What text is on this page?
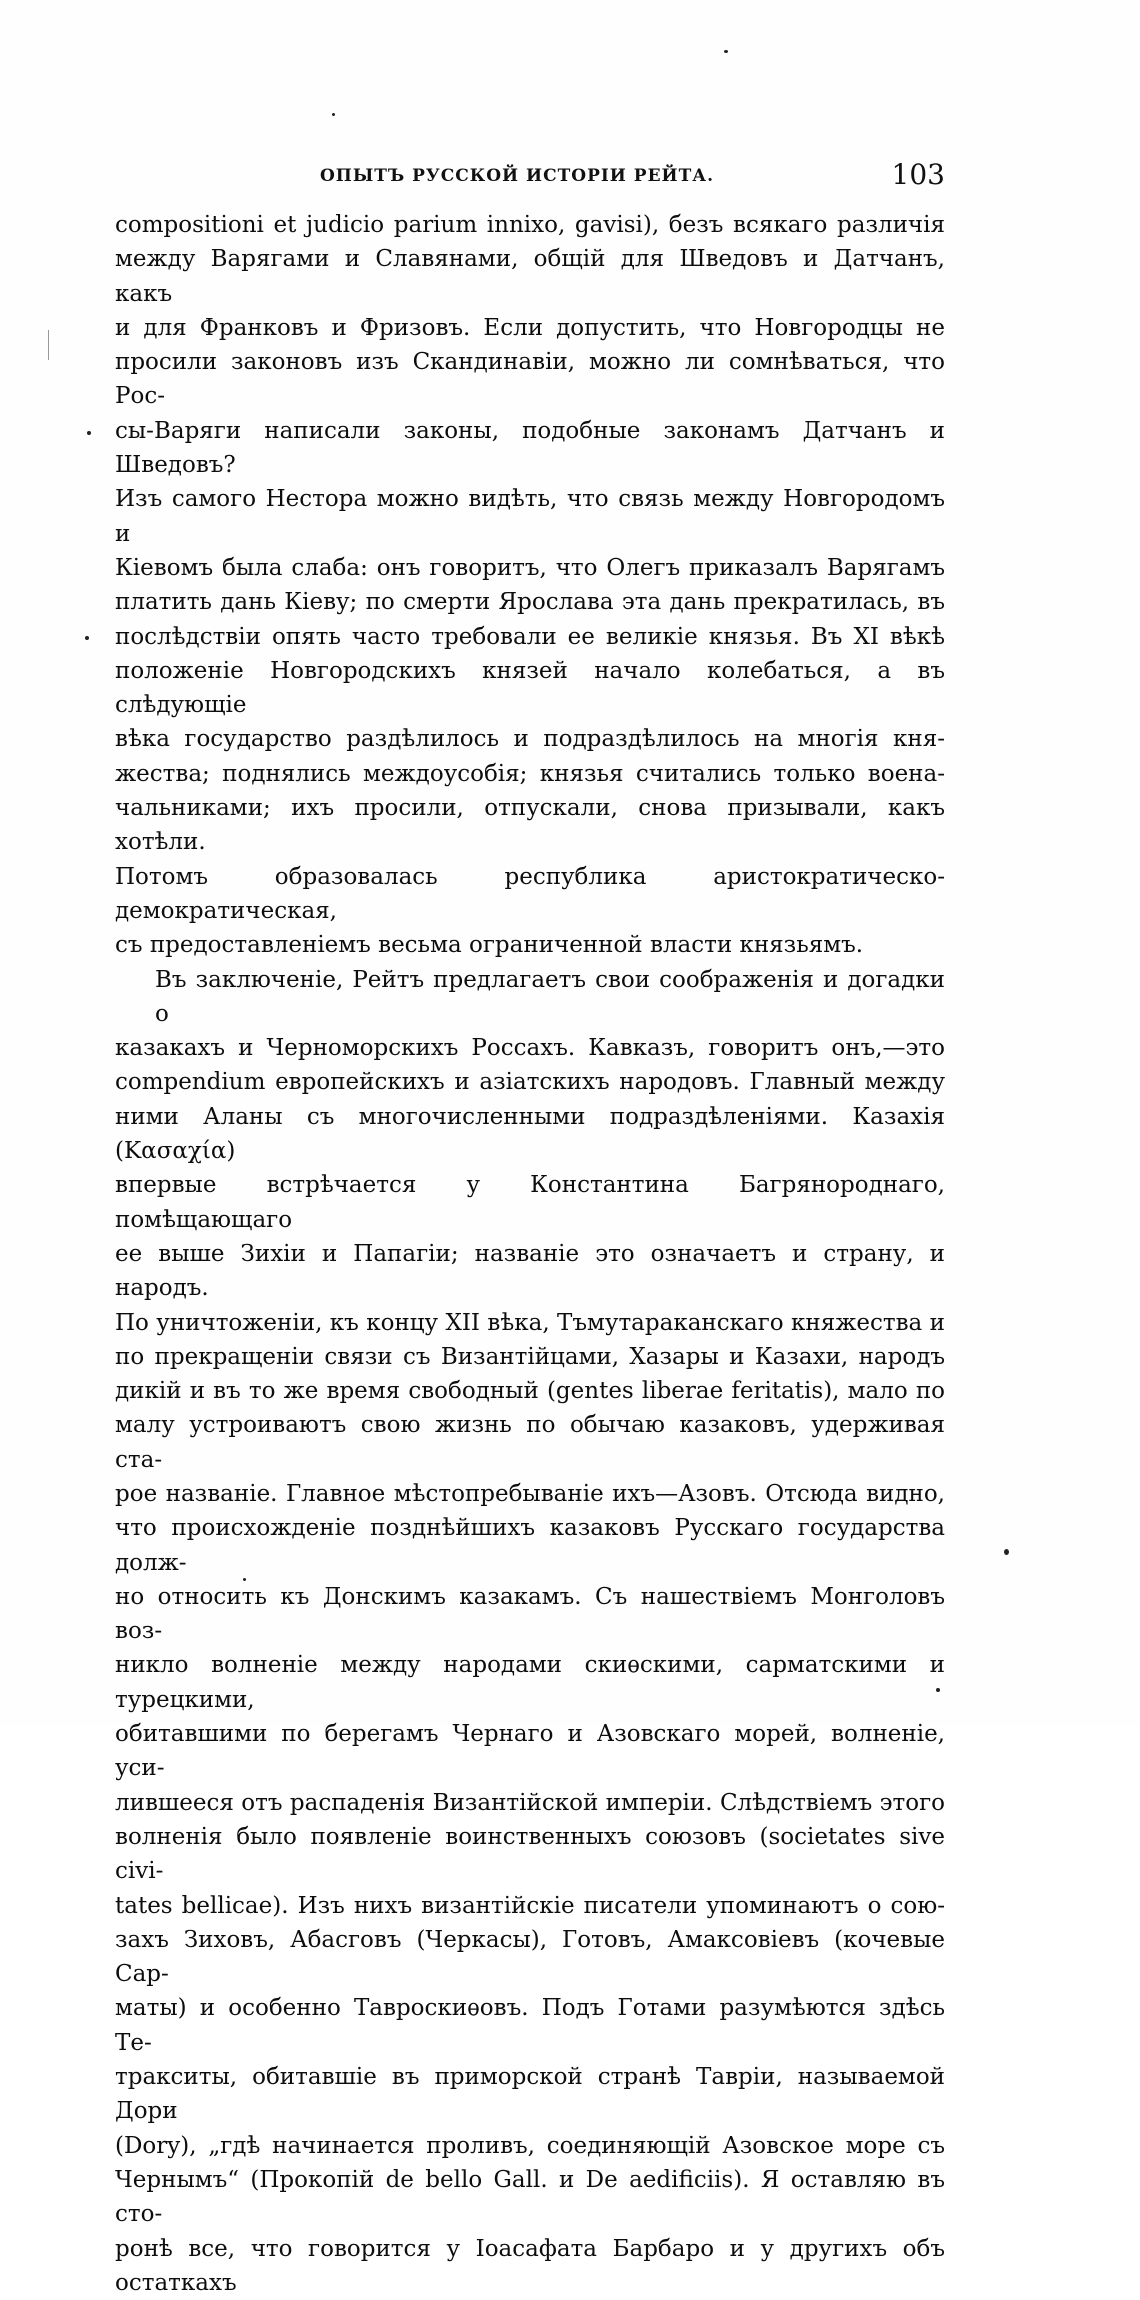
ОПЫТЪ РУССКОЙ ИСТОРІИ РЕЙТА.	103

compositioni et judicio parium innixo, gavisi), безъ всякаго различія

между Варягами и Славянами, общій для Шведовъ и Датчанъ, какъ

и для Франковъ и Фризовъ. Если допустить, что Новгородцы не

просили законовъ изъ Скандинавіи, можно ли сомнѣваться, что Рос-

сы-Варяги написали законы, подобные законамъ Датчанъ и Шведовъ?

Изъ самого Нестора можно видѣть, что связь между Новгородомъ и

Кіевомъ была слаба: онъ говоритъ, что Олегъ приказалъ Варягамъ

платить дань Кіеву; по смерти Ярослава эта дань прекратилась, въ

послѣдствіи опять часто требовали ее великіе князья. Въ XI вѣкѣ

положеніе Новгородскихъ князей начало колебаться, а въ слѣдующіе

вѣка государство раздѣлилось и подраздѣлилось на многія кня-

жества; поднялись междоусобія; князья считались только воена-

чальниками; ихъ просили, отпускали, снова призывали, какъ хотѣли.

Потомъ образовалась республика аристократическо-демократическая,

съ предоставленіемъ весьма ограниченной власти князьямъ.

Въ заключеніе, Рейтъ предлагаетъ свои соображенія и догадки о

казакахъ и Черноморскихъ Россахъ. Кавказъ, говоритъ онъ,—это

compendium европейскихъ и азіатскихъ народовъ. Главный между

ними Аланы съ многочисленными подраздѣленіями. Казахія (Κασαχία)

впервые встрѣчается у Константина Багрянороднаго, помѣщающаго

ее выше Зихіи и Папагіи; названіе это означаетъ и страну, и народъ.

По уничтоженіи, къ концу XII вѣка, Тъмутараканскаго княжества и

по прекращеніи связи съ Византійцами, Хазары и Казахи, народъ

дикій и въ то же время свободный (gentes liberae feritatis), мало по

малу устроиваютъ свою жизнь по обычаю казаковъ, удерживая ста-

рое названіе. Главное мѣстопребываніе ихъ—Азовъ. Отсюда видно,

что происхожденіе позднѣйшихъ казаковъ Русскаго государства долж-

но относить къ Донскимъ казакамъ. Съ нашествіемъ Монголовъ воз-

никло волненіе между народами скиѳскими, сарматскими и турецкими,

обитавшими по берегамъ Чернаго и Азовскаго морей, волненіе, уси-

лившееся отъ распаденія Византійской имперіи. Слѣдствіемъ этого

волненія было появленіе воинственныхъ союзовъ (societates sive civi-

tates bellicae). Изъ нихъ византійскіе писатели упоминаютъ о сою-

захъ Зиховъ, Абасговъ (Черкасы), Готовъ, Амаксовіевъ (кочевые Сар-

маты) и особенно Тавроскиѳовъ. Подъ Готами разумѣются здѣсь Те-

тракситы, обитавшіе въ приморской странѣ Тавріи, называемой Дори

(Dory), „гдѣ начинается проливъ, соединяющій Азовское море съ

Чернымъ“ (Прокопій de bello Gall. и De aedificiis). Я оставляю въ сто-

ронѣ все, что говорится у Іоасафата Барбаро и у другихъ объ остаткахъ
